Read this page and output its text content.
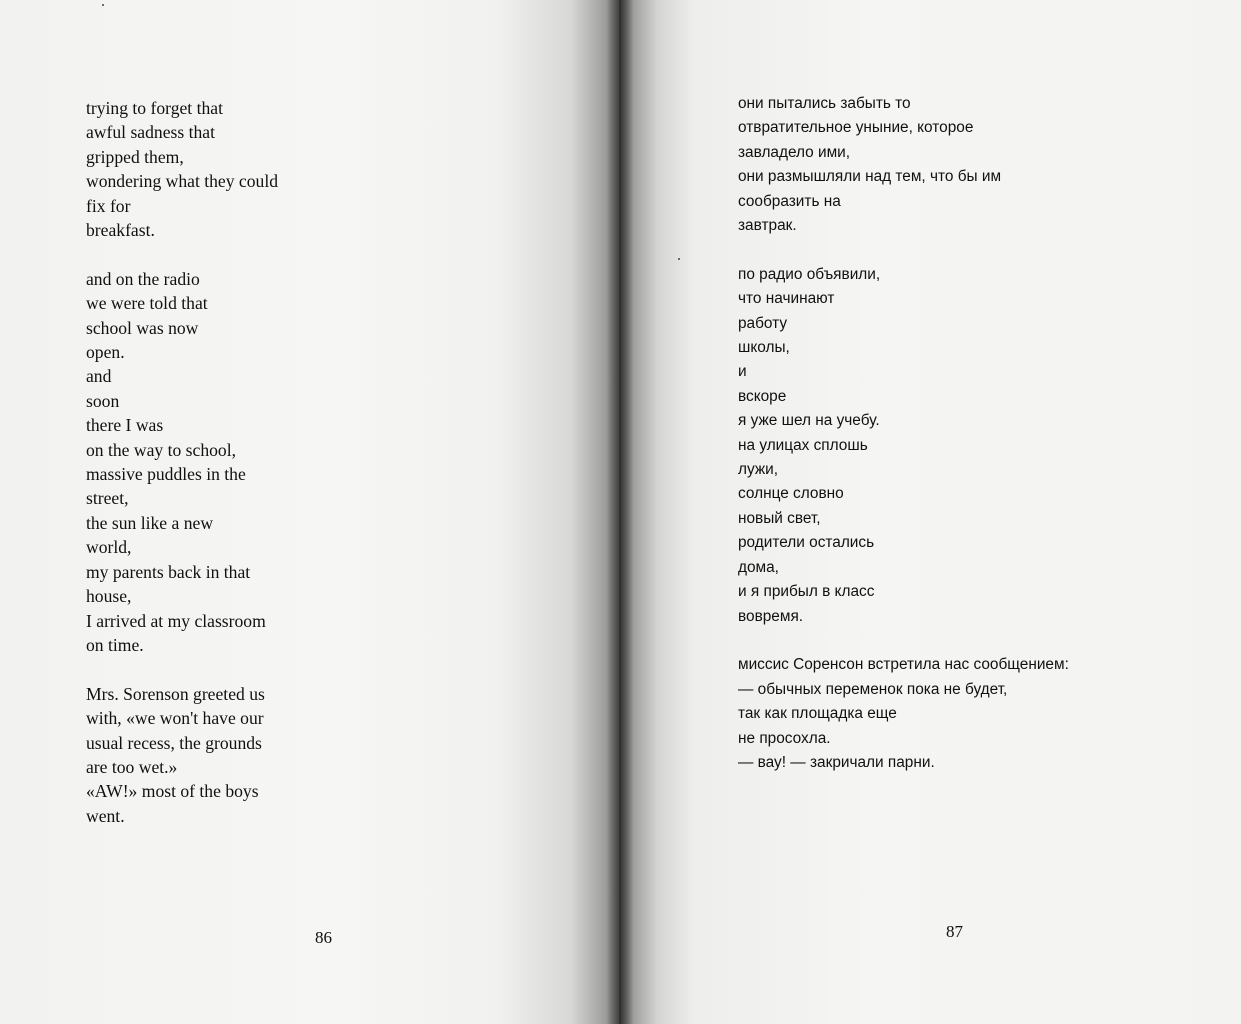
trying to forget that

awful sadness that

gripped them,

wondering what they could

fix for

breakfast.

and on the radio

we were told that

school was now

open.

and

soon

there I was

on the way to school,

massive puddles in the

street,

the sun like a new

world,

my parents back in that

house,

I arrived at my classroom

on time.

Mrs. Sorenson greeted us

with, «we won't have our

usual recess, the grounds

are too wet.»

«AW!» most of the boys

went.

86

они пытались забыть то

отвратительное уныние, которое

завладело ими,

они размышляли над тем, что бы им

сообразить на

завтрак.

по радио объявили,

что начинают

работу

школы,

и

вскоре

я уже шел на учебу.

на улицах сплошь

лужи,

солнце словно

новый свет,

родители остались

дома,

и я прибыл в класс

вовремя.

миссис Соренсон встретила нас сообщением:

— обычных переменок пока не будет,

так как площадка еще

не просохла.

— вау! — закричали парни.

87
